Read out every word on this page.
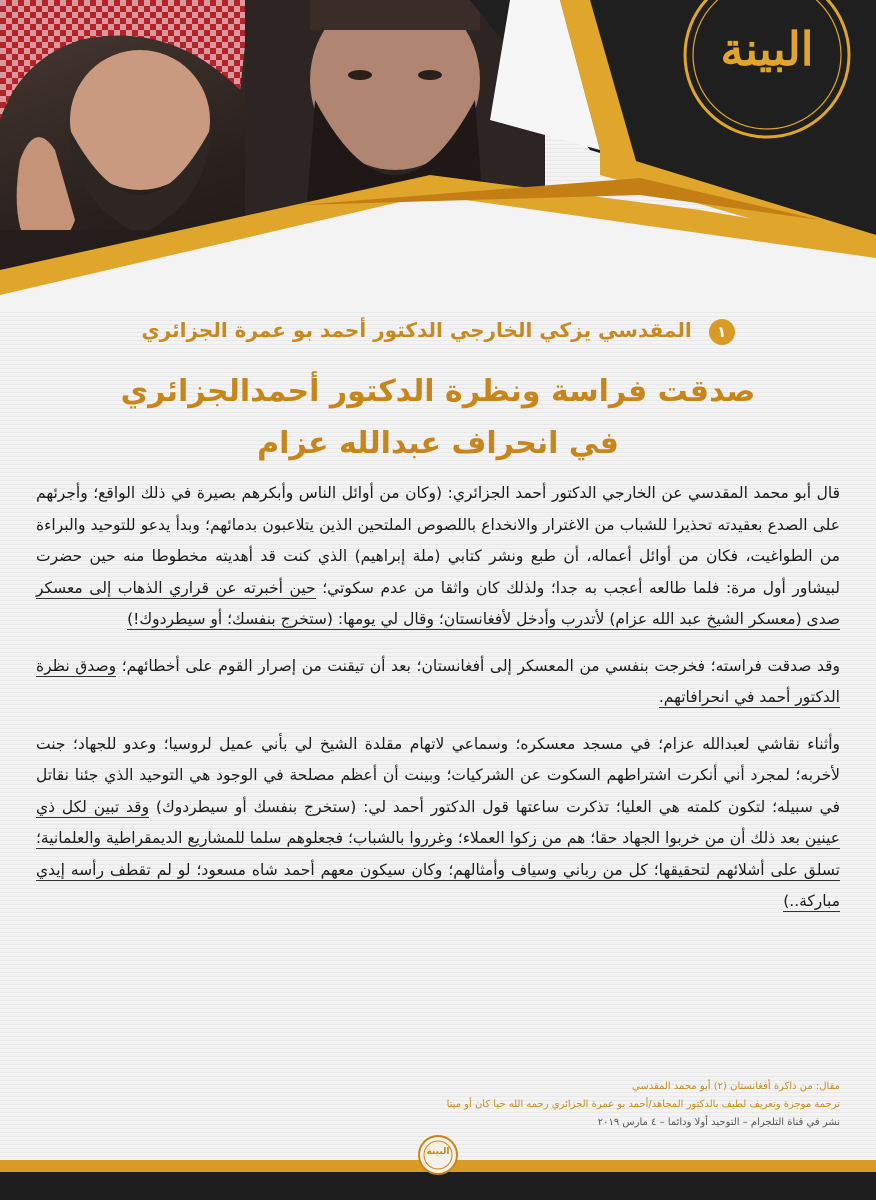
البينة
١ المقدسي يزكي الخارجي الدكتور أحمد بو عمرة الجزائري
صدقت فراسة ونظرة الدكتور أحمدالجزائري
في انحراف عبدالله عزام

قال أبو محمد المقدسي عن الخارجي الدكتور أحمد الجزائري: (وكان من أوائل الناس وأبكرهم بصيرة في ذلك الواقع؛ وأجرئهم على الصدع بعقيدته تحذيرا للشباب من الاغترار والانخداع باللصوص الملتحين الذين يتلاعبون بدمائهم؛ وبدأ يدعو للتوحيد والبراءة من الطواغيت، فكان من أوائل أعماله، أن طبع ونشر كتابي (ملة إبراهيم) الذي كنت قد أهديته مخطوطا منه حين حضرت لبيشاور أول مرة: فلما طالعه أعجب به جدا؛ ولذلك كان واثقا من عدم سكوتي؛ حين أخبرته عن قراري الذهاب إلى معسكر صدى (معسكر الشيخ عبد الله عزام) لأتدرب وأدخل لأفغانستان؛ وقال لي يومها: (ستخرج بنفسك؛ أو سيطردوك!)

وقد صدقت فراسته؛ فخرجت بنفسي من المعسكر إلى أفغانستان؛ بعد أن تيقنت من إصرار القوم على أخطائهم؛ وصدق نظرة الدكتور أحمد في انحرافاتهم.

وأثناء نقاشي لعبدالله عزام؛ في مسجد معسكره؛ وسماعي لاتهام مقلدة الشيخ لي بأني عميل لروسيا؛ وعدو للجهاد؛ جنت لأخربه؛ لمجرد أني أنكرت اشتراطهم السكوت عن الشركيات؛ وبينت أن أعظم مصلحة في الوجود هي التوحيد الذي جئنا نقاتل في سبيله؛ لتكون كلمته هي العليا؛ تذكرت ساعتها قول الدكتور أحمد لي: (ستخرج بنفسك أو سيطردوك) وقد تبين لكل ذي عينين بعد ذلك أن من خربوا الجهاد حقا؛ هم من زكوا العملاء؛ وغرروا بالشباب؛ فجعلوهم سلما للمشاريع الديمقراطية والعلمانية؛ تسلق على أشلائهم لتحقيقها؛ كل من رباني وسياف وأمثالهم؛ وكان سيكون معهم أحمد شاه مسعود؛ لو لم تقطف رأسه إيدي مباركة..)

مقال: من ذاكرة أفغانستان (٢) أبو محمد المقدسي
ترجمة موجزة وتعريف لطيف بالدكتور المجاهد/أحمد بو عمرة الجزائري رحمه الله حيا كان أو ميتا
نشر في قناة التلجرام – التوحيد أولا ودائما – ٤ مارس ٢٠١٩
البينة
